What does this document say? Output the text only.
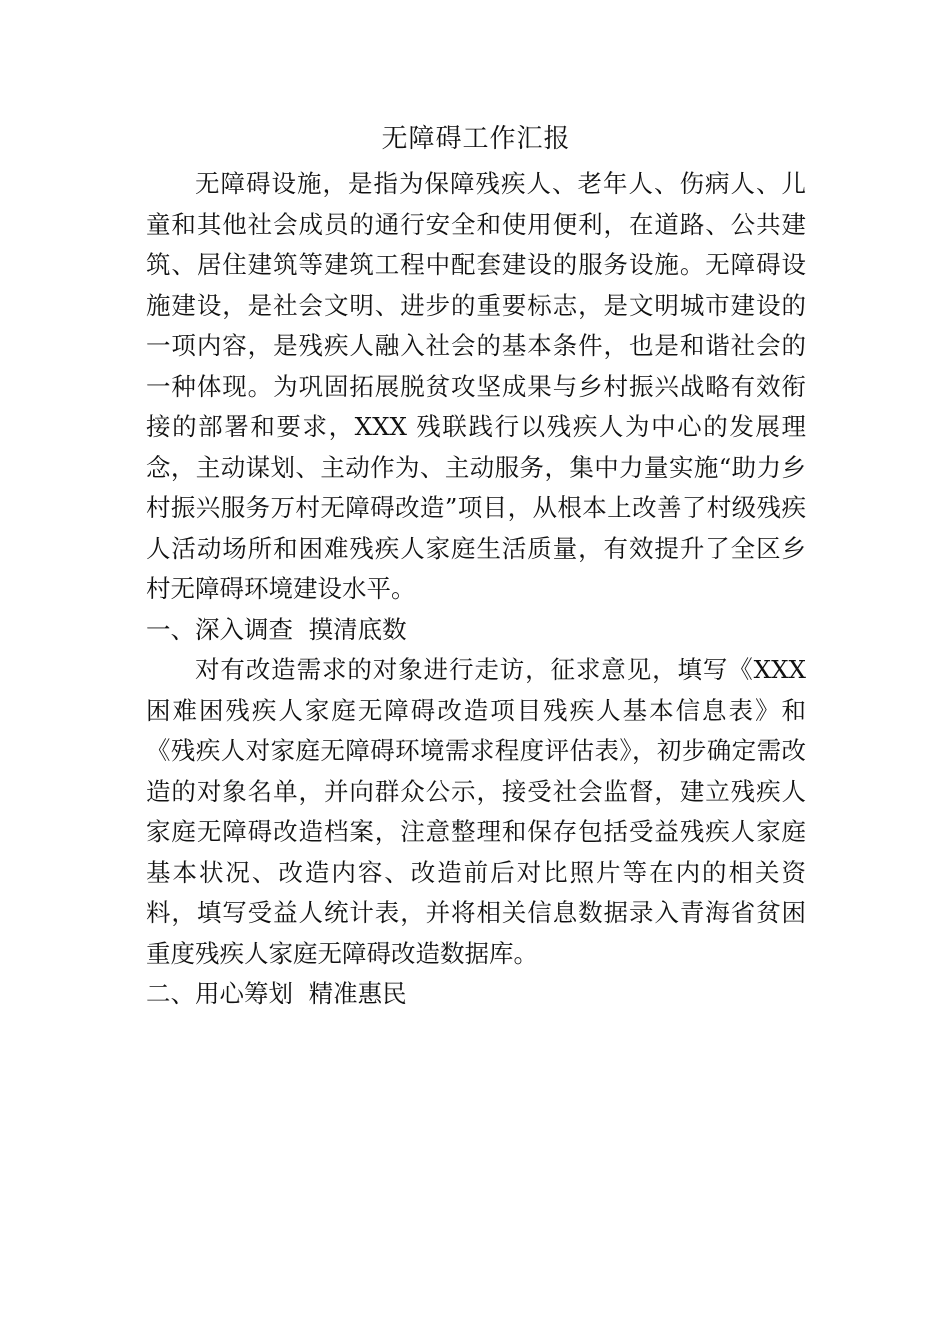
无障碍工作汇报

无障碍设施，是指为保障残疾人、老年人、伤病人、儿童和其他社会成员的通行安全和使用便利，在道路、公共建筑、居住建筑等建筑工程中配套建设的服务设施。无障碍设施建设，是社会文明、进步的重要标志，是文明城市建设的一项内容，是残疾人融入社会的基本条件，也是和谐社会的一种体现。为巩固拓展脱贫攻坚成果与乡村振兴战略有效衔接的部署和要求，XXX 残联践行以残疾人为中心的发展理念，主动谋划、主动作为、主动服务，集中力量实施“助力乡村振兴服务万村无障碍改造”项目，从根本上改善了村级残疾人活动场所和困难残疾人家庭生活质量，有效提升了全区乡村无障碍环境建设水平。

一、深入调查  摸清底数

对有改造需求的对象进行走访，征求意见，填写《XXX 困难困残疾人家庭无障碍改造项目残疾人基本信息表》和《残疾人对家庭无障碍环境需求程度评估表》，初步确定需改造的对象名单，并向群众公示，接受社会监督，建立残疾人家庭无障碍改造档案，注意整理和保存包括受益残疾人家庭基本状况、改造内容、改造前后对比照片等在内的相关资料，填写受益人统计表，并将相关信息数据录入青海省贫困重度残疾人家庭无障碍改造数据库。

二、用心筹划  精准惠民
